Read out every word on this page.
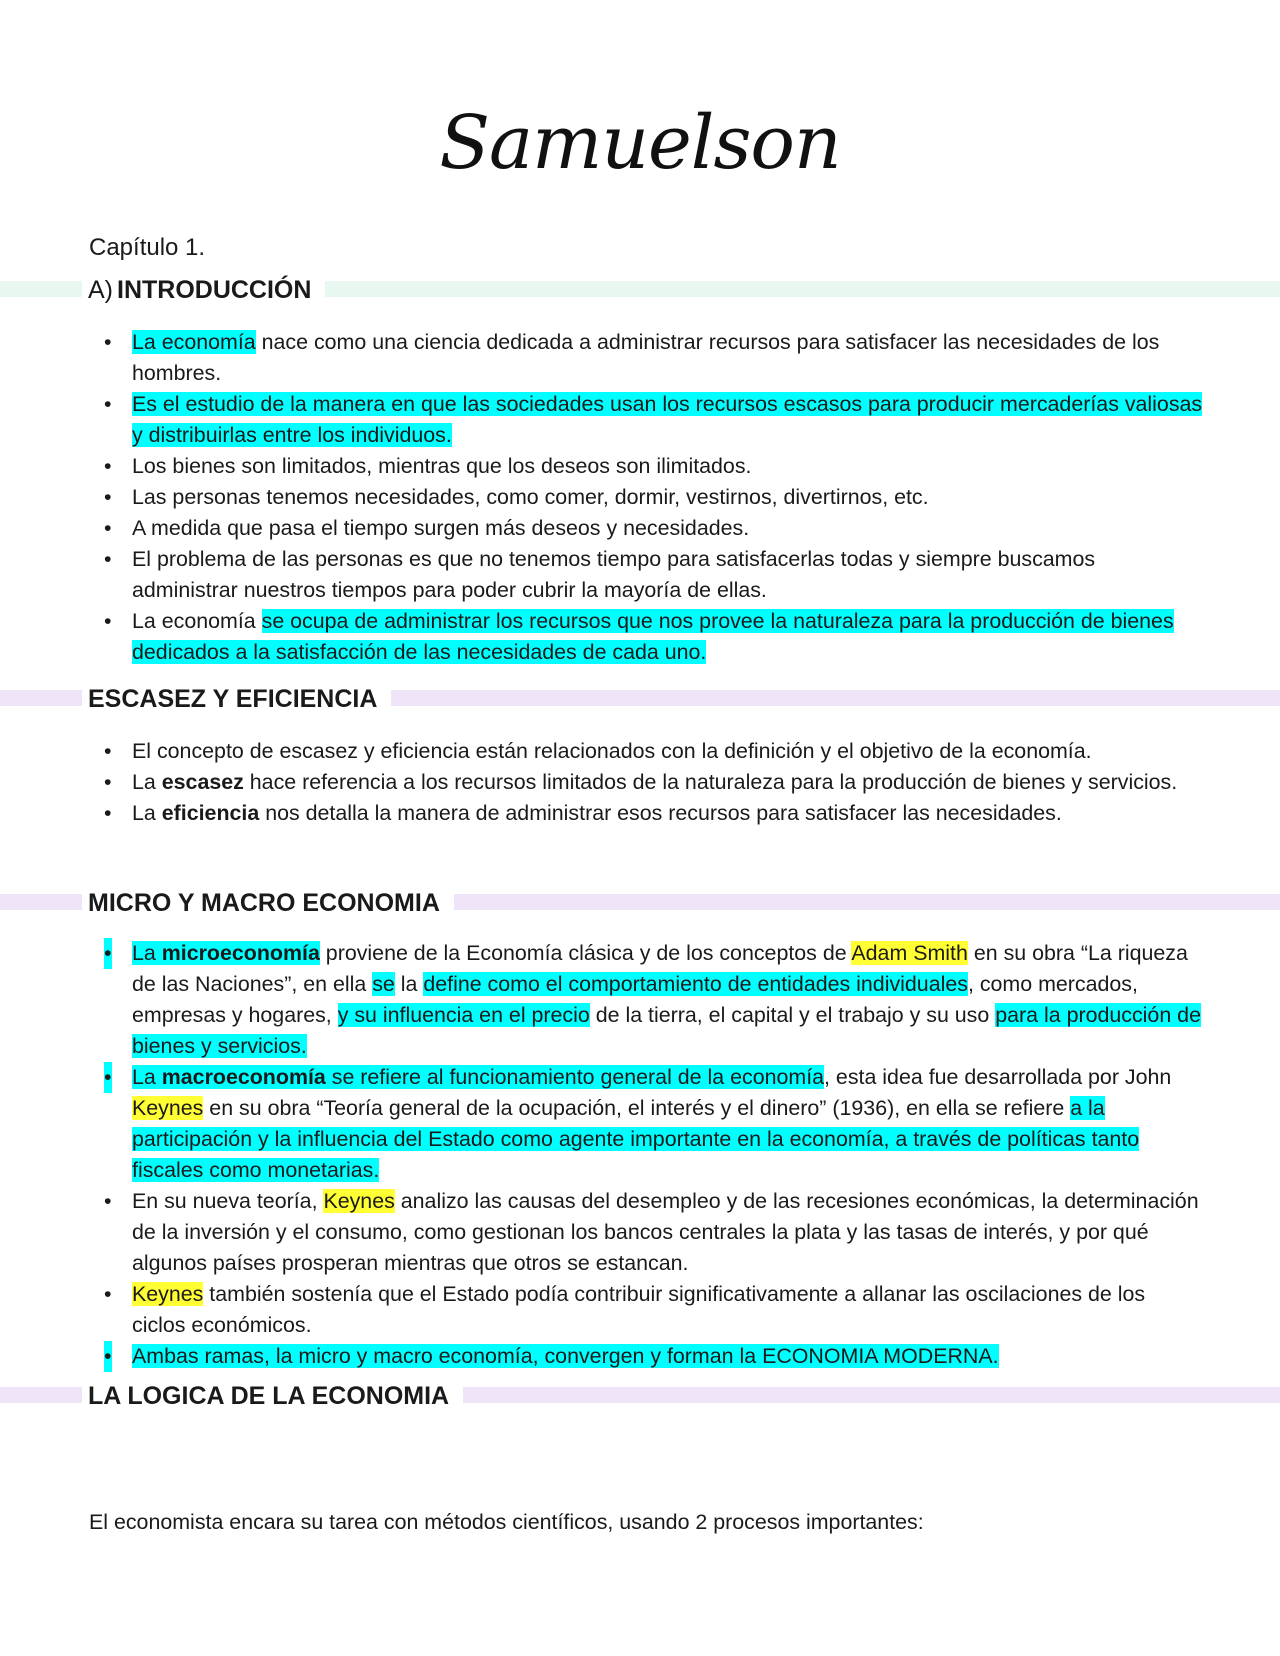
Samuelson
Capítulo 1.
A) INTRODUCCIÓN
• La economía nace como una ciencia dedicada a administrar recursos para satisfacer las necesidades de los hombres.
• Es el estudio de la manera en que las sociedades usan los recursos escasos para producir mercaderías valiosas y distribuirlas entre los individuos.
• Los bienes son limitados, mientras que los deseos son ilimitados.
• Las personas tenemos necesidades, como comer, dormir, vestirnos, divertirnos, etc.
• A medida que pasa el tiempo surgen más deseos y necesidades.
• El problema de las personas es que no tenemos tiempo para satisfacerlas todas y siempre buscamos administrar nuestros tiempos para poder cubrir la mayoría de ellas.
• La economía se ocupa de administrar los recursos que nos provee la naturaleza para la producción de bienes dedicados a la satisfacción de las necesidades de cada uno.
ESCASEZ Y EFICIENCIA
• El concepto de escasez y eficiencia están relacionados con la definición y el objetivo de la economía.
• La escasez hace referencia a los recursos limitados de la naturaleza para la producción de bienes y servicios.
• La eficiencia nos detalla la manera de administrar esos recursos para satisfacer las necesidades.
MICRO Y MACRO ECONOMIA
• La microeconomía proviene de la Economía clásica y de los conceptos de Adam Smith en su obra “La riqueza de las Naciones”, en ella se la define como el comportamiento de entidades individuales, como mercados, empresas y hogares, y su influencia en el precio de la tierra, el capital y el trabajo y su uso para la producción de bienes y servicios.
• La macroeconomía se refiere al funcionamiento general de la economía, esta idea fue desarrollada por John Keynes en su obra “Teoría general de la ocupación, el interés y el dinero” (1936), en ella se refiere a la participación y la influencia del Estado como agente importante en la economía, a través de políticas tanto fiscales como monetarias.
• En su nueva teoría, Keynes analizo las causas del desempleo y de las recesiones económicas, la determinación de la inversión y el consumo, como gestionan los bancos centrales la plata y las tasas de interés, y por qué algunos países prosperan mientras que otros se estancan.
• Keynes también sostenía que el Estado podía contribuir significativamente a allanar las oscilaciones de los ciclos económicos.
• Ambas ramas, la micro y macro economía, convergen y forman la ECONOMIA MODERNA.
LA LOGICA DE LA ECONOMIA
El economista encara su tarea con métodos científicos, usando 2 procesos importantes:
